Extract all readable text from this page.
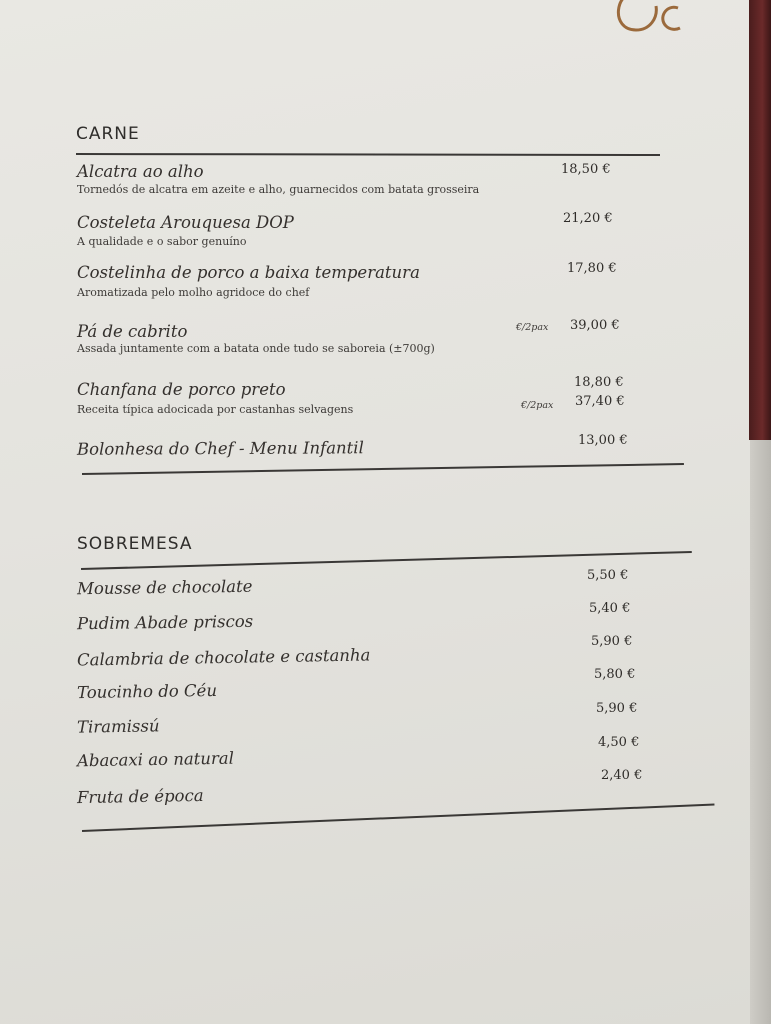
CARNE
Alcatra ao alho
Tornedós de alcatra em azeite e alho, guarnecidos com batata grosseira
18,50 €
Costeleta Arouquesa DOP
A qualidade e o sabor genuíno
21,20 €
Costelinha de porco a baixa temperatura
Aromatizada pelo molho agridoce do chef
17,80 €
Pá de cabrito
Assada juntamente com a batata onde tudo se saboreia (±700g)
€/2pax 39,00 €
Chanfana de porco preto
Receita típica adocicada por castanhas selvagens
18,80 €
€/2pax 37,40 €
Bolonhesa do Chef - Menu Infantil	13,00 €
SOBREMESA
Mousse de chocolate
5,50 €
Pudim Abade priscos
5,40 €
Calambria de chocolate e castanha
5,90 €
Toucinho do Céu
5,80 €
Tiramissú
5,90 €
Abacaxi ao natural
4,50 €
Fruta de época
2,40 €
